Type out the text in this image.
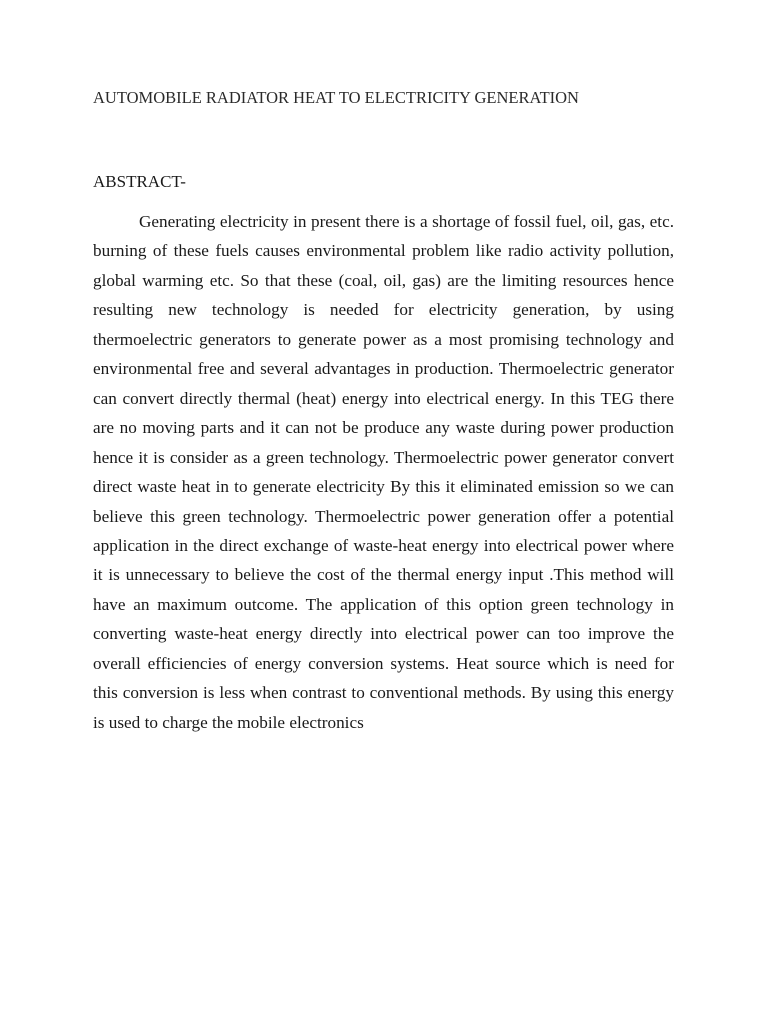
AUTOMOBILE RADIATOR HEAT TO ELECTRICITY GENERATION
ABSTRACT-

Generating electricity in present there is a shortage of fossil fuel, oil, gas, etc. burning of these fuels causes environmental problem like radio activity pollution, global warming etc. So that these (coal, oil, gas) are the limiting resources hence resulting new technology is needed for electricity generation, by using thermoelectric generators to generate power as a most promising technology and environmental free and several advantages in production. Thermoelectric generator can convert directly thermal (heat) energy into electrical energy. In this TEG there are no moving parts and it can not be produce any waste during power production hence it is consider as a green technology. Thermoelectric power generator convert direct waste heat in to generate electricity By this it eliminated emission so we can believe this green technology. Thermoelectric power generation offer a potential application in the direct exchange of waste-heat energy into electrical power where it is unnecessary to believe the cost of the thermal energy input .This method will have an maximum outcome. The application of this option green technology in converting waste-heat energy directly into electrical power can too improve the overall efficiencies of energy conversion systems. Heat source which is need for this conversion is less when contrast to conventional methods. By using this energy is used to charge the mobile electronics
